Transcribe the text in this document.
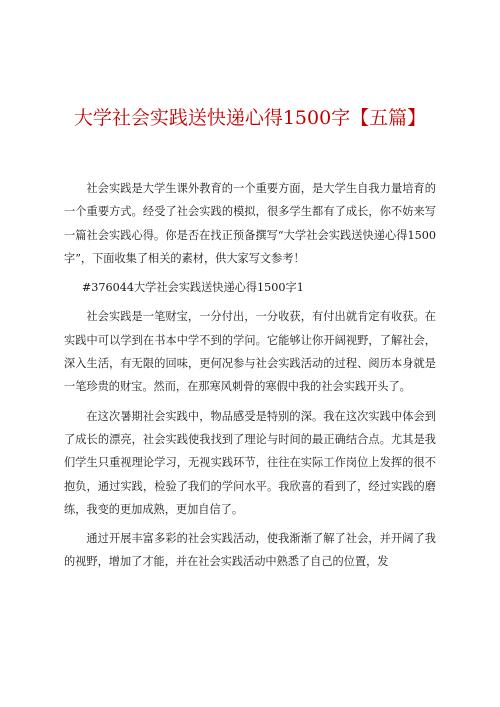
大学社会实践送快递心得1500字【五篇】

社会实践是大学生课外教育的一个重要方面，是大学生自我力量培育的一个重要方式。经受了社会实践的模拟，很多学生都有了成长，你不妨来写一篇社会实践心得。你是否在找正预备撰写“大学社会实践送快递心得1500字”，下面收集了相关的素材，供大家写文参考！

#376044大学社会实践送快递心得1500字1

社会实践是一笔财宝，一分付出，一分收获，有付出就肯定有收获。在实践中可以学到在书本中学不到的学问。它能够让你开阔视野，了解社会，深入生活，有无限的回味，更何况参与社会实践活动的过程、阅历本身就是一笔珍贵的财宝。然而，在那寒风刺骨的寒假中我的社会实践开头了。

在这次暑期社会实践中，物品感受是特别的深。我在这次实践中体会到了成长的漂亮，社会实践使我找到了理论与时间的最正确结合点。尤其是我们学生只重视理论学习，无视实践环节，往往在实际工作岗位上发挥的很不抱负，通过实践，检验了我们的学问水平。我欣喜的看到了，经过实践的磨练，我变的更加成熟，更加自信了。

通过开展丰富多彩的社会实践活动，使我渐渐了解了社会，并开阔了我的视野，增加了才能，并在社会实践活动中熟悉了自己的位置，发
